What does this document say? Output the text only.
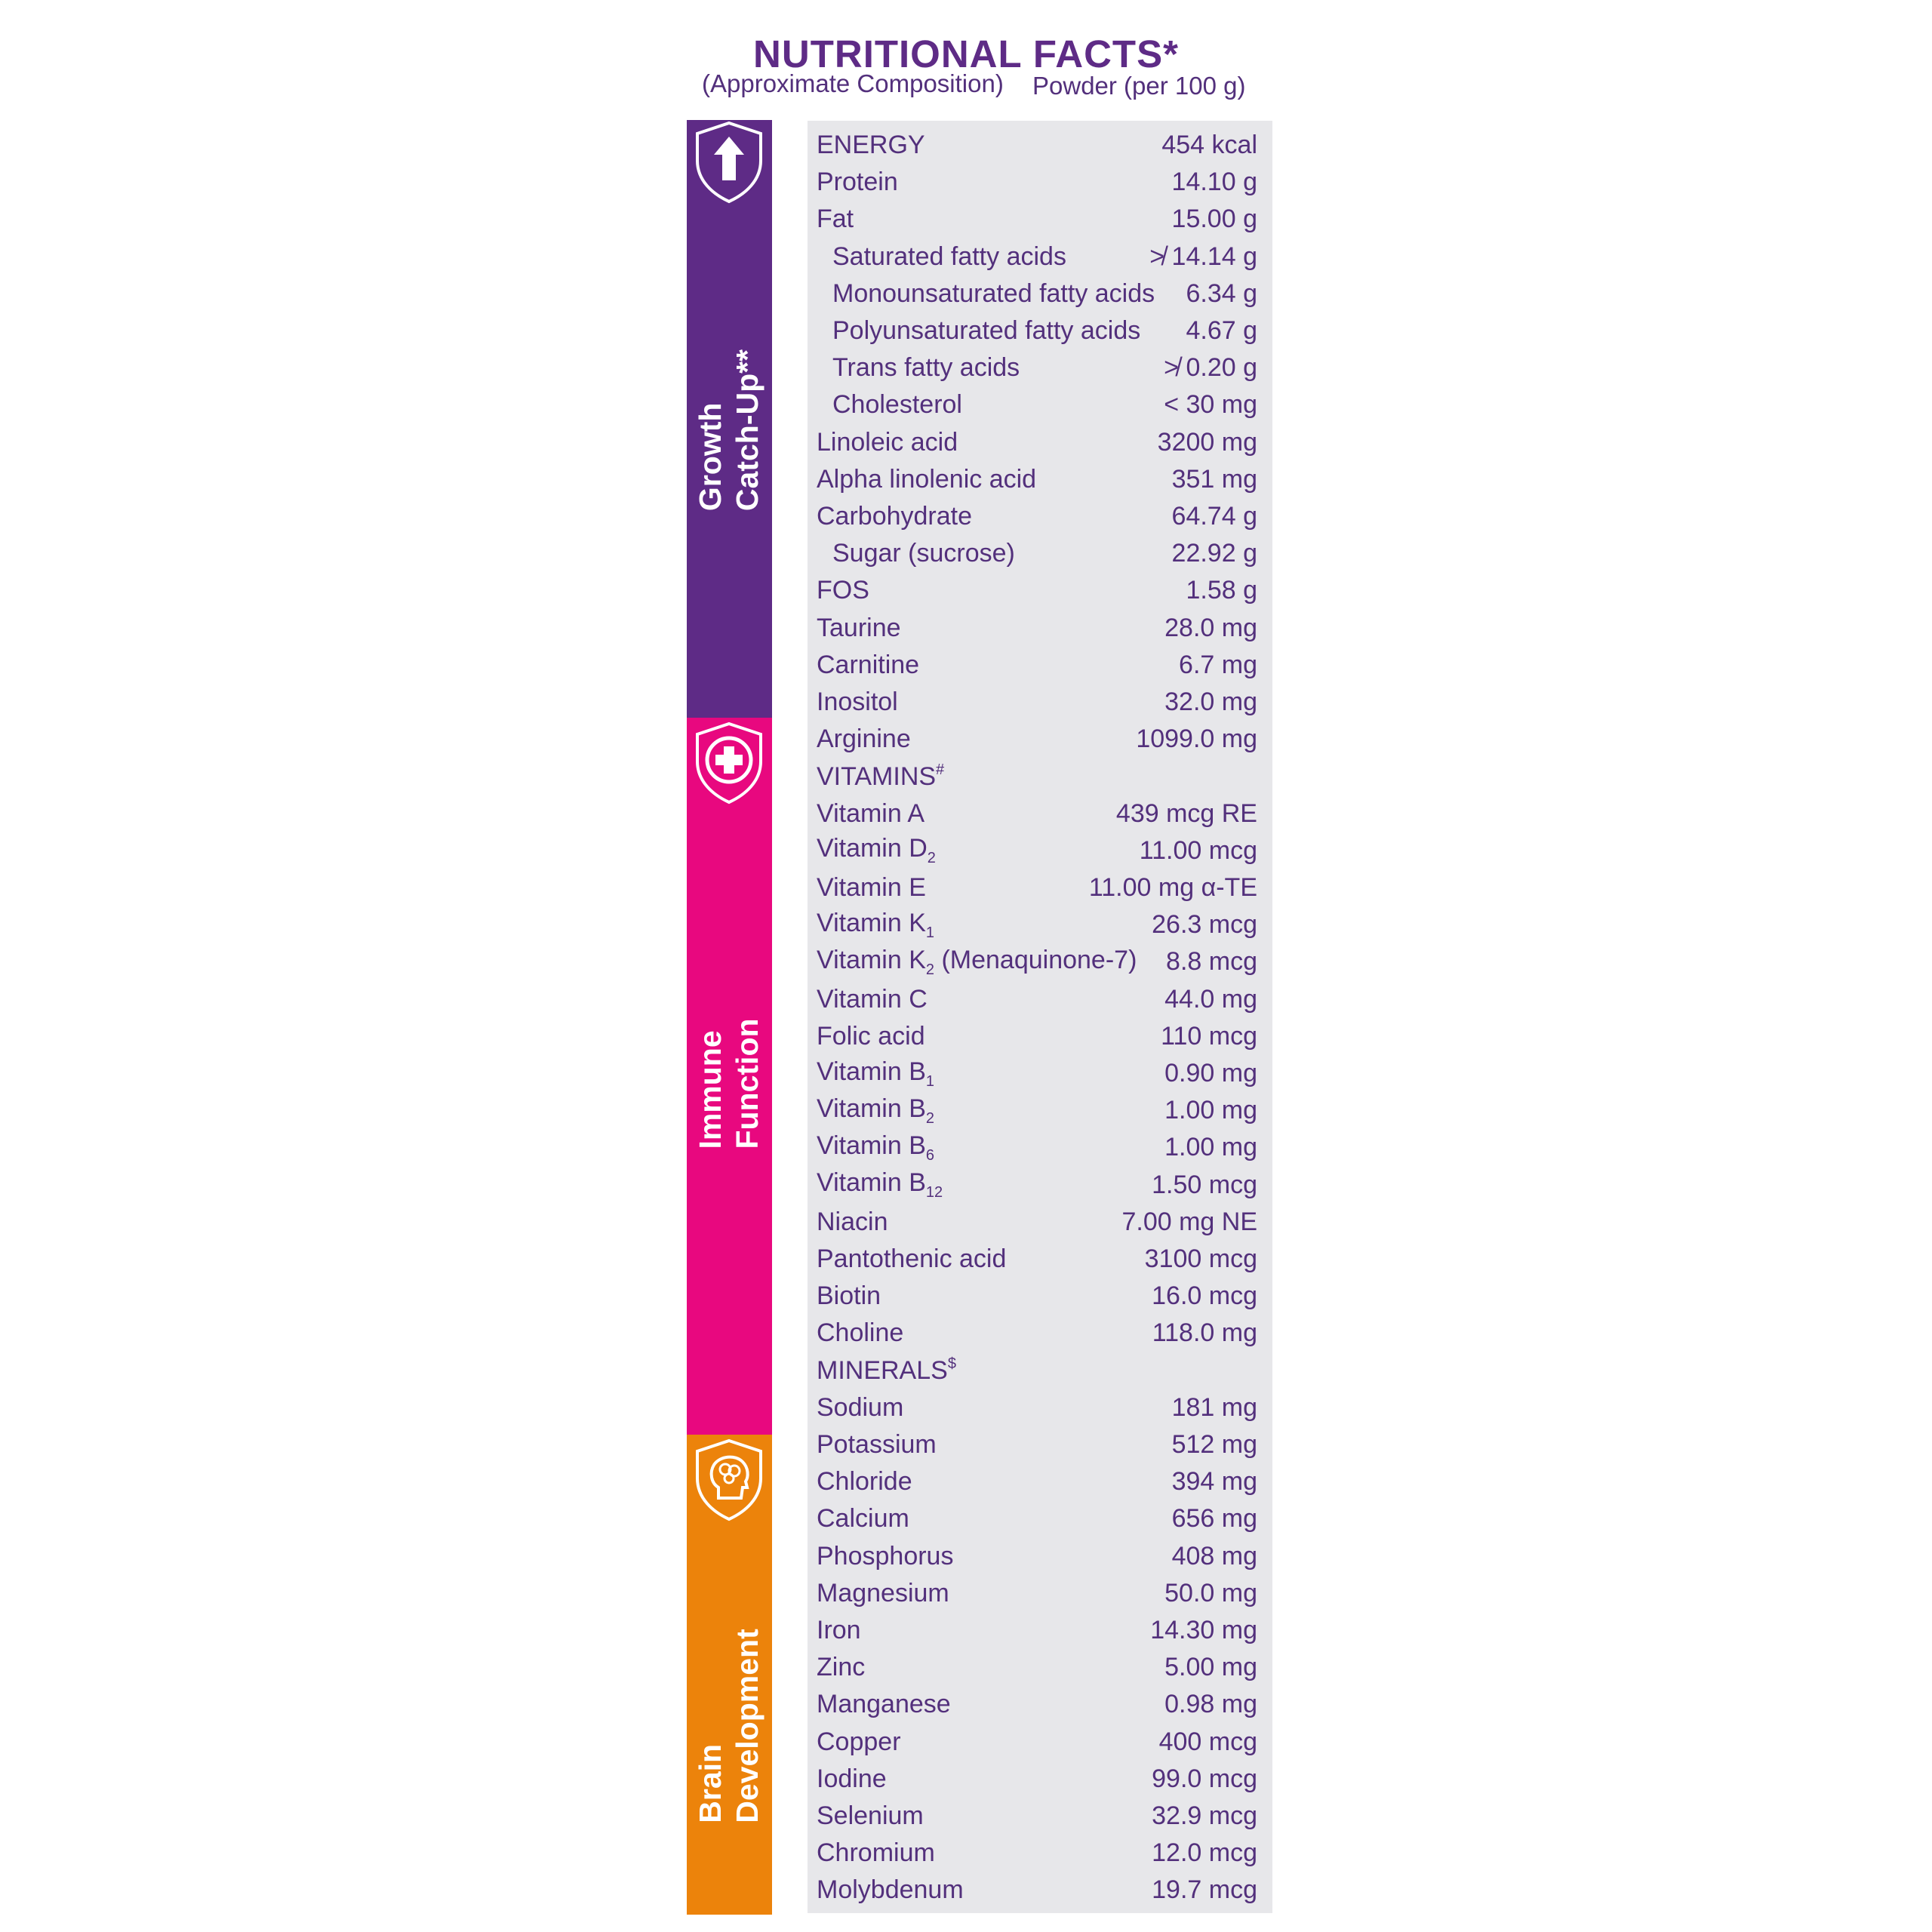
NUTRITIONAL FACTS*
(Approximate Composition) Powder (per 100 g)
Growth Catch-Up**
Immune Function
Brain Development
ENERGY	454 kcal
Protein	14.10 g
Fat	15.00 g
Saturated fatty acids	≯ 14.14 g
Monounsaturated fatty acids 6.34 g
Polyunsaturated fatty acids 4.67 g
Trans fatty acids	≯ 0.20 g
Cholesterol	< 30 mg
Linoleic acid	3200 mg
Alpha linolenic acid	351 mg
Carbohydrate	64.74 g
Sugar (sucrose)	22.92 g
FOS	1.58 g
Taurine	28.0 mg
Carnitine	6.7 mg
Inositol	32.0 mg
Arginine	1099.0 mg
VITAMINS#
Vitamin A	439 mcg RE
Vitamin $D_2$	11.00 mcg
Vitamin E	11.00 mg α-TE
Vitamin $K_1$	26.3 mcg
Vitamin $K_2$ (Menaquinone-7) 8.8 mcg
Vitamin C	44.0 mg
Folic acid	110 mcg
Vitamin $B_1$	0.90 mg
Vitamin $B_2$	1.00 mg
Vitamin $B_6$	1.00 mg
Vitamin $B_{12}$	1.50 mcg
Niacin	7.00 mg NE
Pantothenic acid	3100 mcg
Biotin	16.0 mcg
Choline	118.0 mg
MINERALS$
Sodium	181 mg
Potassium	512 mg
Chloride	394 mg
Calcium	656 mg
Phosphorus	408 mg
Magnesium	50.0 mg
Iron	14.30 mg
Zinc	5.00 mg
Manganese	0.98 mg
Copper	400 mcg
Iodine	99.0 mcg
Selenium	32.9 mcg
Chromium	12.0 mcg
Molybdenum	19.7 mcg
